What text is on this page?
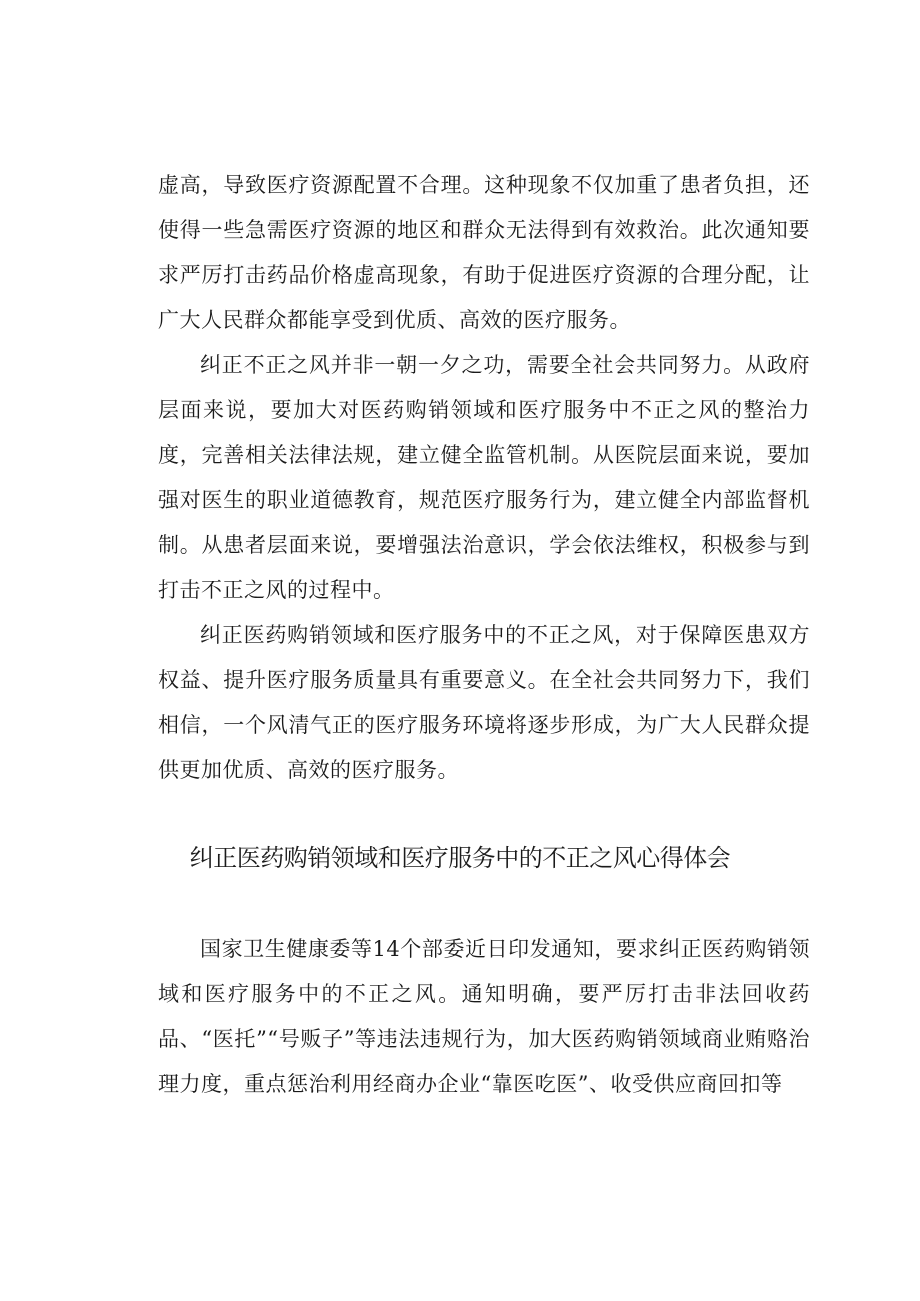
虚高，导致医疗资源配置不合理。这种现象不仅加重了患者负担，还使得一些急需医疗资源的地区和群众无法得到有效救治。此次通知要求严厉打击药品价格虚高现象，有助于促进医疗资源的合理分配，让广大人民群众都能享受到优质、高效的医疗服务。

纠正不正之风并非一朝一夕之功，需要全社会共同努力。从政府层面来说，要加大对医药购销领域和医疗服务中不正之风的整治力度，完善相关法律法规，建立健全监管机制。从医院层面来说，要加强对医生的职业道德教育，规范医疗服务行为，建立健全内部监督机制。从患者层面来说，要增强法治意识，学会依法维权，积极参与到打击不正之风的过程中。

纠正医药购销领域和医疗服务中的不正之风，对于保障医患双方权益、提升医疗服务质量具有重要意义。在全社会共同努力下，我们相信，一个风清气正的医疗服务环境将逐步形成，为广大人民群众提供更加优质、高效的医疗服务。

纠正医药购销领域和医疗服务中的不正之风心得体会

国家卫生健康委等14个部委近日印发通知，要求纠正医药购销领域和医疗服务中的不正之风。通知明确，要严厉打击非法回收药品、“医托”“号贩子”等违法违规行为，加大医药购销领域商业贿赂治理力度，重点惩治利用经商办企业“靠医吃医”、收受供应商回扣等
